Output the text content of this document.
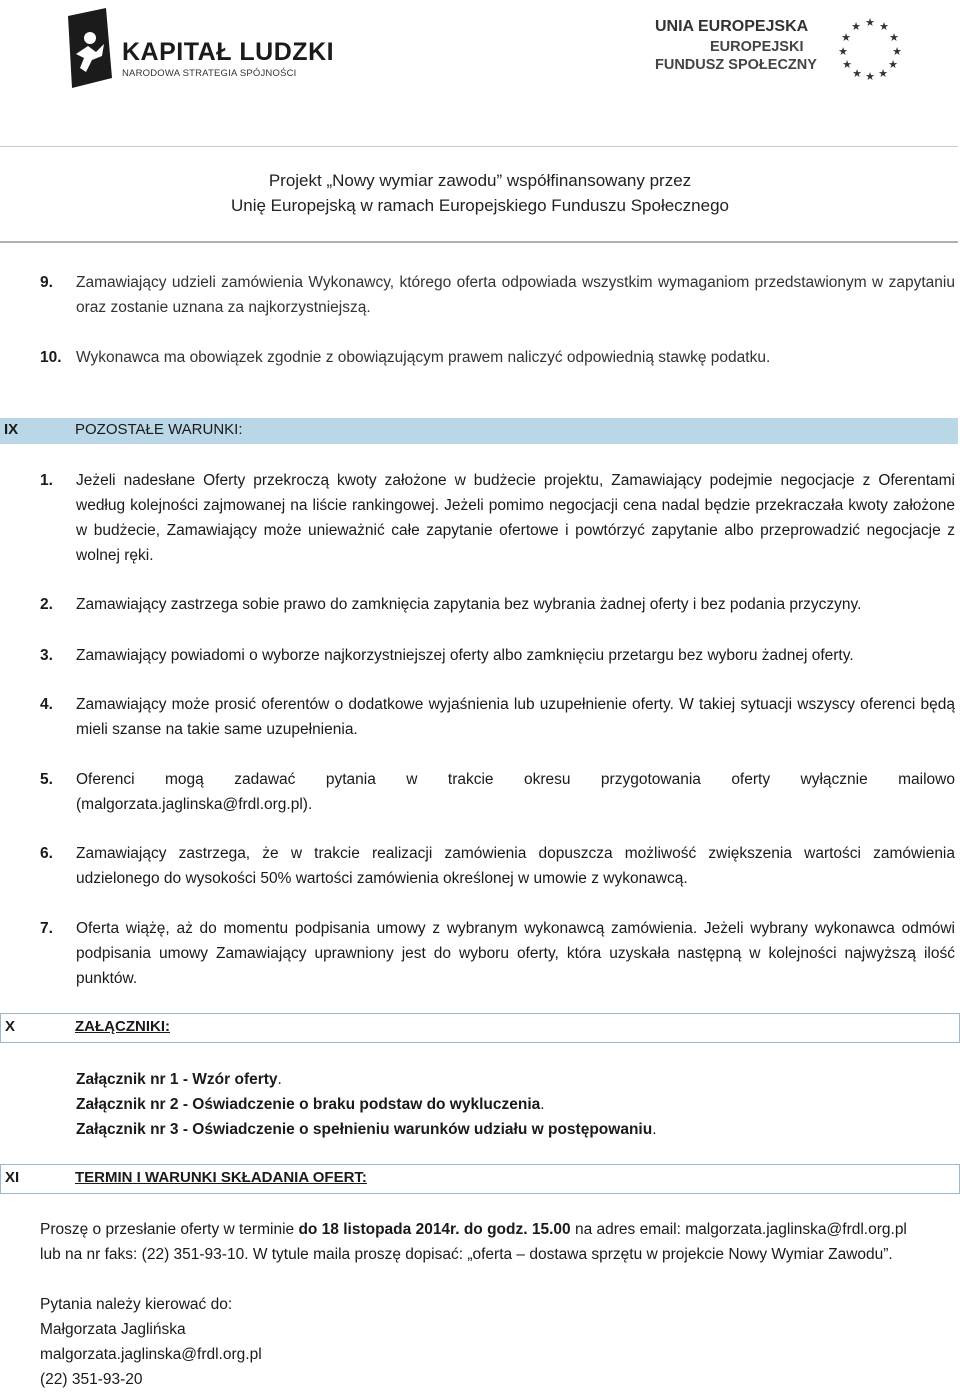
KAPITAŁ LUDZKI
NARODOWA STRATEGIA SPÓJNOŚCI
UNIA EUROPEJSKA
EUROPEJSKI
FUNDUSZ SPOŁECZNY
★ ★
★
★
★
★
★
★
★
★
★
★
Projekt „Nowy wymiar zawodu” współfinansowany przez
Unię Europejską w ramach Europejskiego Funduszu Społecznego
9. Zamawiający udzieli zamówienia Wykonawcy, którego oferta odpowiada wszystkim wymaganiom przedstawionym w zapytaniu oraz zostanie uznana za najkorzystniejszą.
10. Wykonawca ma obowiązek zgodnie z obowiązującym prawem naliczyć odpowiednią stawkę podatku.
IX	POZOSTAŁE WARUNKI:
1. Jeżeli nadesłane Oferty przekroczą kwoty założone w budżecie projektu, Zamawiający podejmie negocjacje z Oferentami według kolejności zajmowanej na liście rankingowej. Jeżeli pomimo negocjacji cena nadal będzie przekraczała kwoty założone w budżecie, Zamawiający może unieważnić całe zapytanie ofertowe i powtórzyć zapytanie albo przeprowadzić negocjacje z wolnej ręki.
2. Zamawiający zastrzega sobie prawo do zamknięcia zapytania bez wybrania żadnej oferty i bez podania przyczyny.
3. Zamawiający powiadomi o wyborze najkorzystniejszej oferty albo zamknięciu przetargu bez wyboru żadnej oferty.
4. Zamawiający może prosić oferentów o dodatkowe wyjaśnienia lub uzupełnienie oferty. W takiej sytuacji wszyscy oferenci będą mieli szanse na takie same uzupełnienia.
5. Oferenci mogą zadawać pytania w trakcie okresu przygotowania oferty wyłącznie mailowo
(malgorzata.jaglinska@frdl.org.pl).
6. Zamawiający zastrzega, że w trakcie realizacji zamówienia dopuszcza możliwość zwiększenia wartości zamówienia udzielonego do wysokości 50% wartości zamówienia określonej w umowie z wykonawcą.
7. Oferta wiążę, aż do momentu podpisania umowy z wybranym wykonawcą zamówienia. Jeżeli wybrany wykonawca odmówi podpisania umowy Zamawiający uprawniony jest do wyboru oferty, która uzyskała następną w kolejności najwyższą ilość punktów.
X	ZAŁĄCZNIKI:
Załącznik nr 1 - Wzór oferty.
Załącznik nr 2 - Oświadczenie o braku podstaw do wykluczenia.
Załącznik nr 3 - Oświadczenie o spełnieniu warunków udziału w postępowaniu.
XI	TERMIN I WARUNKI SKŁADANIA OFERT:
Proszę o przesłanie oferty w terminie do 18 listopada 2014r. do godz. 15.00 na adres email: malgorzata.jaglinska@frdl.org.pl
lub na nr faks: (22) 351-93-10. W tytule maila proszę dopisać: „oferta – dostawa sprzętu w projekcie Nowy Wymiar Zawodu”.
Pytania należy kierować do:
Małgorzata Jaglińska
malgorzata.jaglinska@frdl.org.pl
(22) 351-93-20
